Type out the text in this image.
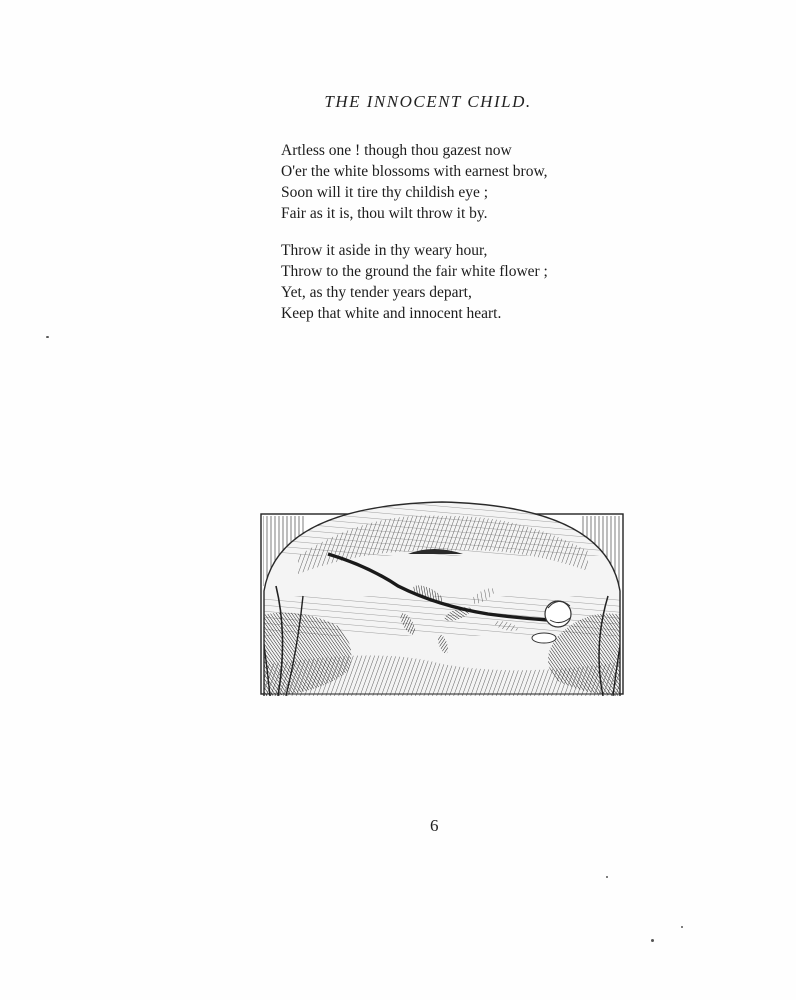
THE INNOCENT CHILD.
Artless one ! though thou gazest now
O'er the white blossoms with earnest brow,
Soon will it tire thy childish eye ;
Fair as it is, thou wilt throw it by.
Throw it aside in thy weary hour,
Throw to the ground the fair white flower ;
Yet, as thy tender years depart,
Keep that white and innocent heart.
6
